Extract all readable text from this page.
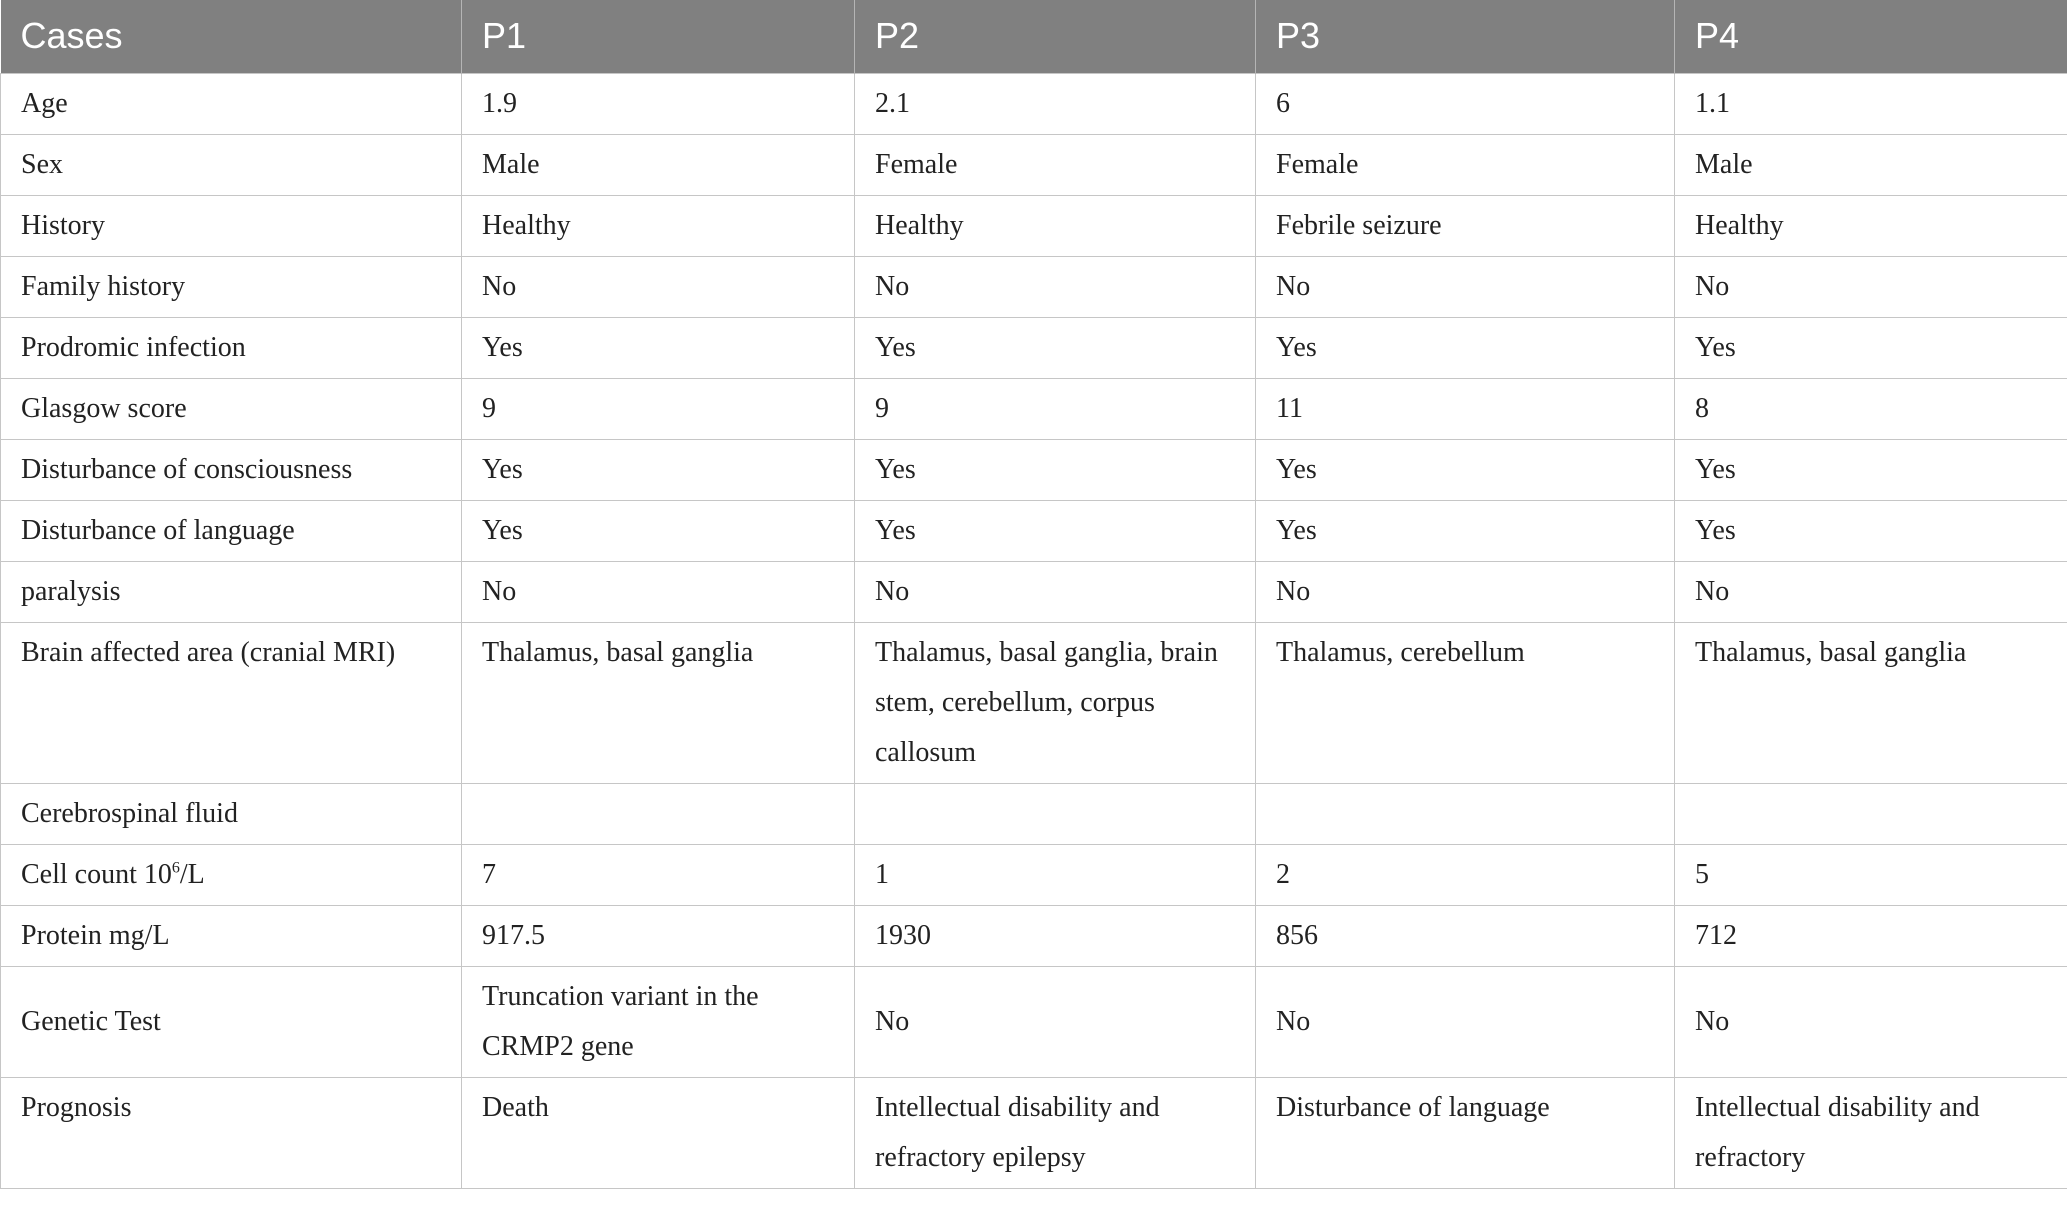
Cases	P1	P2	P3	P4
Age	1.9	2.1	6	1.1
Sex	Male	Female	Female	Male
History	Healthy	Healthy	Febrile seizure	Healthy
Family history	No	No	No	No
Prodromic infection	Yes	Yes	Yes	Yes
Glasgow score	9	9	11	8
Disturbance of consciousness	Yes	Yes	Yes	Yes
Disturbance of language	Yes	Yes	Yes	Yes
paralysis	No	No	No	No
Brain affected area (cranial MRI)	Thalamus, basal ganglia	Thalamus, basal ganglia, brain stem, cerebellum, corpus callosum	Thalamus, cerebellum	Thalamus, basal ganglia
Cerebrospinal fluid				
Cell count $10^6/L$	7	1	2	5
Protein mg/L	917.5	1930	856	712
Genetic Test	Truncation variant in the CRMP2 gene	No	No	No
Prognosis	Death	Intellectual disability and refractory epilepsy	Disturbance of language	Intellectual disability and refractory
